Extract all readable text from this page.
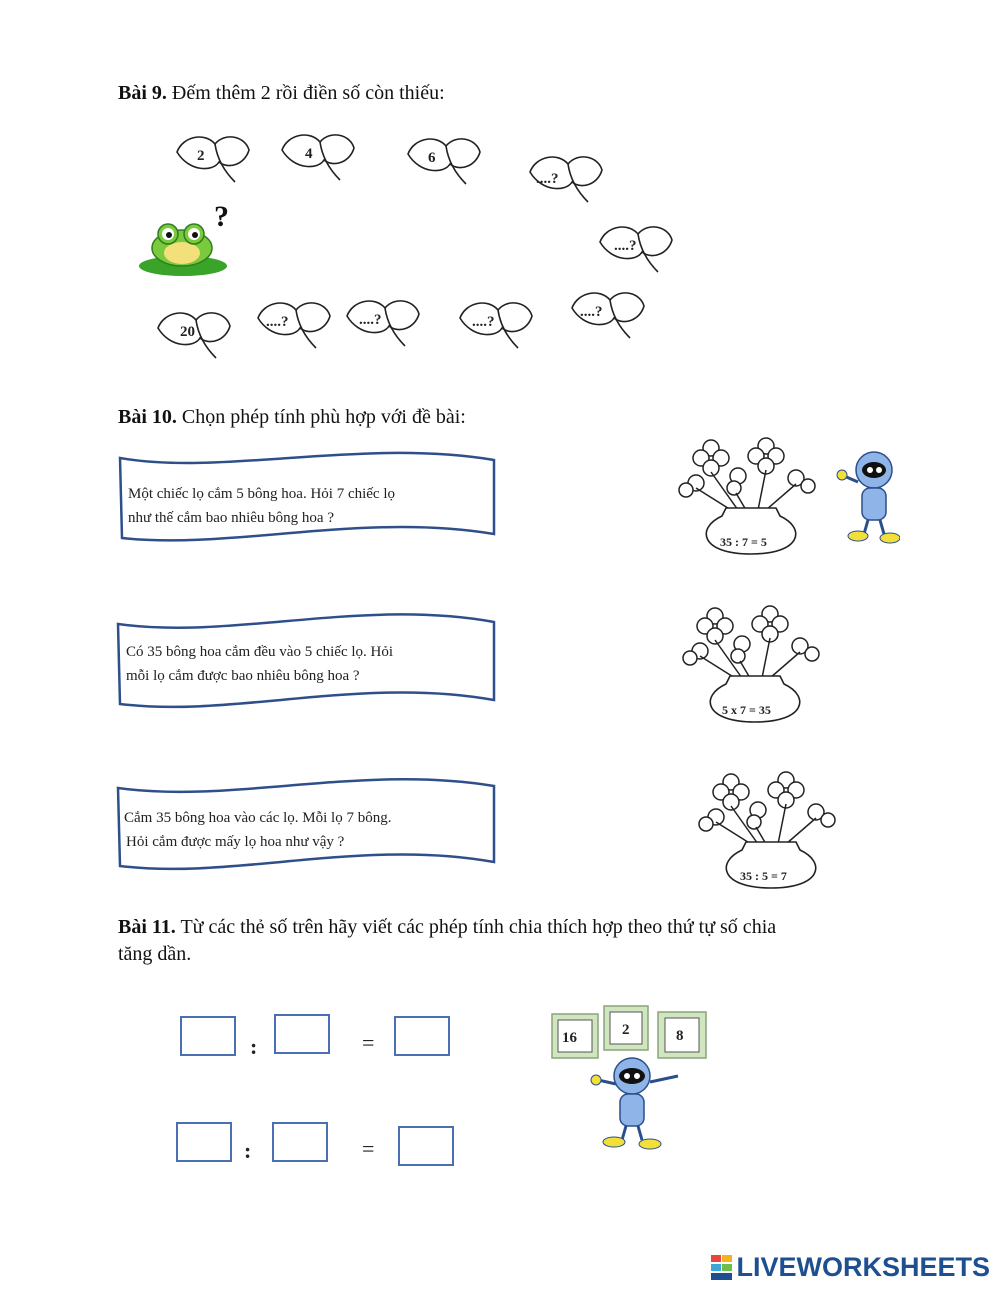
Bài 9. Đếm thêm 2 rồi điền số còn thiếu:
2	4	6
....?
....?
20
....?	....?	....?
....?
?
Bài 10. Chọn phép tính phù hợp với đề bài:
Một chiếc lọ cắm 5 bông hoa. Hỏi 7 chiếc lọ
như thế cắm bao nhiêu bông hoa ?
Có 35 bông hoa cắm đều vào 5 chiếc lọ. Hỏi
mỗi lọ cắm được bao nhiêu bông hoa ?
Cắm 35 bông hoa vào các lọ. Mỗi lọ 7 bông.
Hỏi cắm được mấy lọ hoa như vậy ?
35 : 7 = 5
5 x 7 = 35
35 : 5 = 7
Bài 11. Từ các thẻ số trên hãy viết các phép tính chia thích hợp theo thứ tự số chia
tăng dần.
:	=
:	=
16	2	8
LIVEWORKSHEETS
